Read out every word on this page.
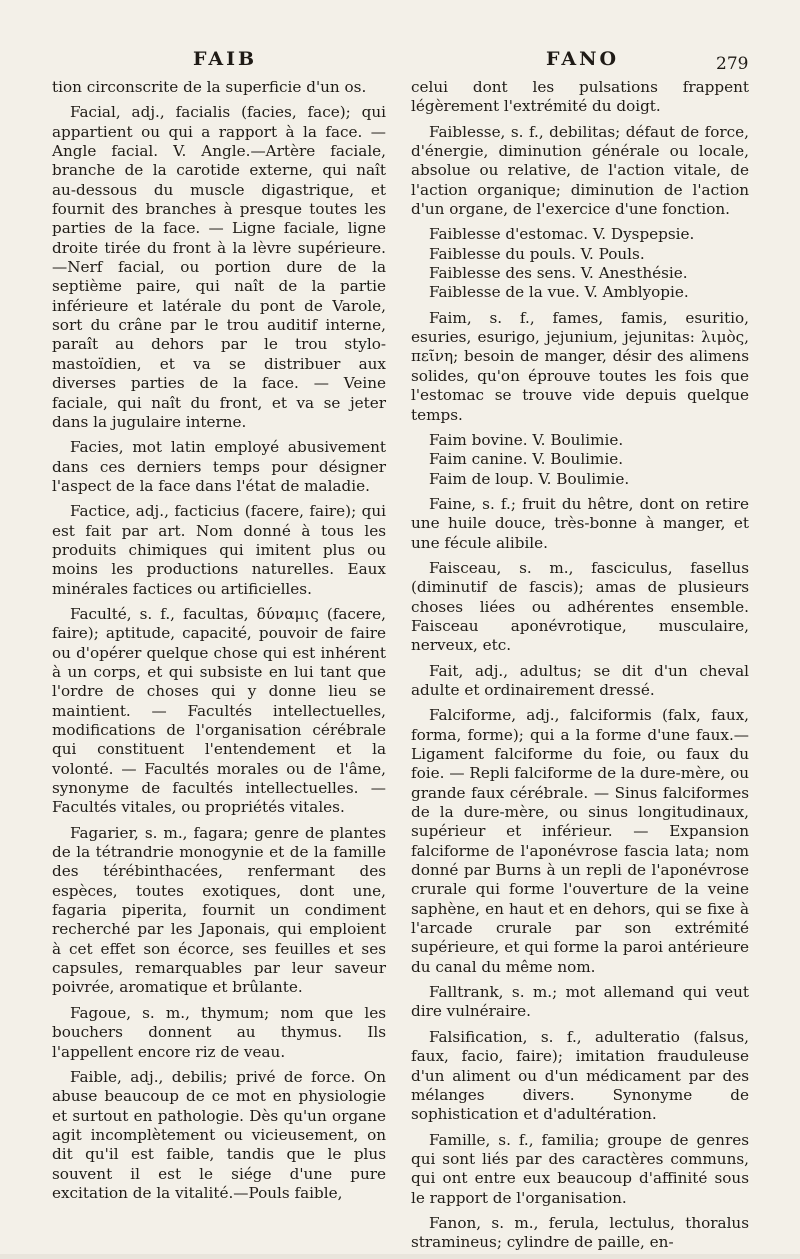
FAIB	FANO	279

tion circonscrite de la superficie d'un os.

Facial, adj., facialis (facies, face); qui appartient ou qui a rapport à la face. —Angle facial. V. Angle.—Artère faciale, branche de la carotide externe, qui naît au-dessous du muscle digastrique, et fournit des branches à presque toutes les parties de la face. — Ligne faciale, ligne droite tirée du front à la lèvre supérieure. —Nerf facial, ou portion dure de la septième paire, qui naît de la partie inférieure et latérale du pont de Varole, sort du crâne par le trou auditif interne, paraît au dehors par le trou stylo-mastoïdien, et va se distribuer aux diverses parties de la face. — Veine faciale, qui naît du front, et va se jeter dans la jugulaire interne.

Facies, mot latin employé abusivement dans ces derniers temps pour désigner l'aspect de la face dans l'état de maladie.

Factice, adj., facticius (facere, faire); qui est fait par art. Nom donné à tous les produits chimiques qui imitent plus ou moins les productions naturelles. Eaux minérales factices ou artificielles.

Faculté, s. f., facultas, δύναμις (facere, faire); aptitude, capacité, pouvoir de faire ou d'opérer quelque chose qui est inhérent à un corps, et qui subsiste en lui tant que l'ordre de choses qui y donne lieu se maintient. — Facultés intellectuelles, modifications de l'organisation cérébrale qui constituent l'entendement et la volonté. — Facultés morales ou de l'âme, synonyme de facultés intellectuelles. —Facultés vitales, ou propriétés vitales.

Fagarier, s. m., fagara; genre de plantes de la tétrandrie monogynie et de la famille des térébinthacées, renfermant des espèces, toutes exotiques, dont une, fagaria piperita, fournit un condiment recherché par les Japonais, qui emploient à cet effet son écorce, ses feuilles et ses capsules, remarquables par leur saveur poivrée, aromatique et brûlante.

Fagoue, s. m., thymum; nom que les bouchers donnent au thymus. Ils l'appellent encore riz de veau.

Faible, adj., debilis; privé de force. On abuse beaucoup de ce mot en physiologie et surtout en pathologie. Dès qu'un organe agit incomplètement ou vicieusement, on dit qu'il est faible, tandis que le plus souvent il est le siége d'une pure excitation de la vitalité.—Pouls faible,

celui dont les pulsations frappent légèrement l'extrémité du doigt.

Faiblesse, s. f., debilitas; défaut de force, d'énergie, diminution générale ou locale, absolue ou relative, de l'action vitale, de l'action organique; diminution de l'action d'un organe, de l'exercice d'une fonction.

Faiblesse d'estomac. V. Dyspepsie.

Faiblesse du pouls. V. Pouls.

Faiblesse des sens. V. Anesthésie.

Faiblesse de la vue. V. Amblyopie.

Faim, s. f., fames, famis, esuritio, esuries, esurigo, jejunium, jejunitas: λιμὸς, πεῖνη; besoin de manger, désir des alimens solides, qu'on éprouve toutes les fois que l'estomac se trouve vide depuis quelque temps.

Faim bovine. V. Boulimie.

Faim canine. V. Boulimie.

Faim de loup. V. Boulimie.

Faine, s. f.; fruit du hêtre, dont on retire une huile douce, très-bonne à manger, et une fécule alibile.

Faisceau, s. m., fasciculus, fasellus (diminutif de fascis); amas de plusieurs choses liées ou adhérentes ensemble. Faisceau aponévrotique, musculaire, nerveux, etc.

Fait, adj., adultus; se dit d'un cheval adulte et ordinairement dressé.

Falciforme, adj., falciformis (falx, faux, forma, forme); qui a la forme d'une faux.—Ligament falciforme du foie, ou faux du foie. — Repli falciforme de la dure-mère, ou grande faux cérébrale. — Sinus falciformes de la dure-mère, ou sinus longitudinaux, supérieur et inférieur. — Expansion falciforme de l'aponévrose fascia lata; nom donné par Burns à un repli de l'aponévrose crurale qui forme l'ouverture de la veine saphène, en haut et en dehors, qui se fixe à l'arcade crurale par son extrémité supérieure, et qui forme la paroi antérieure du canal du même nom.

Falltrank, s. m.; mot allemand qui veut dire vulnéraire.

Falsification, s. f., adulteratio (falsus, faux, facio, faire); imitation frauduleuse d'un aliment ou d'un médicament par des mélanges divers. Synonyme de sophistication et d'adultération.

Famille, s. f., familia; groupe de genres qui sont liés par des caractères communs, qui ont entre eux beaucoup d'affinité sous le rapport de l'organisation.

Fanon, s. m., ferula, lectulus, thoralus stramineus; cylindre de paille, en-
